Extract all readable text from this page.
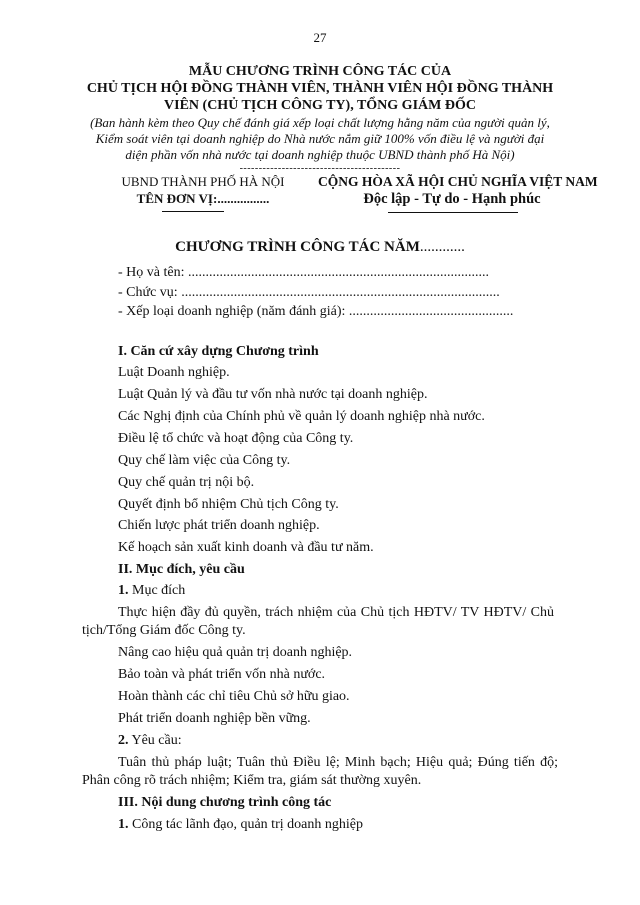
27
MẪU CHƯƠNG TRÌNH CÔNG TÁC CỦA
CHỦ TỊCH HỘI ĐỒNG THÀNH VIÊN, THÀNH VIÊN HỘI ĐỒNG THÀNH
VIÊN (CHỦ TỊCH CÔNG TY), TỔNG GIÁM ĐỐC
(Ban hành kèm theo Quy chế đánh giá xếp loại chất lượng hằng năm của người quản lý,
Kiểm soát viên tại doanh nghiệp do Nhà nước nắm giữ 100% vốn điều lệ và người đại
diện phần vốn nhà nước tại doanh nghiệp thuộc UBND thành phố Hà Nội)
------------------------------------------
UBND THÀNH PHỐ HÀ NỘI
TÊN ĐƠN VỊ:................
CỘNG HÒA XÃ HỘI CHỦ NGHĨA VIỆT NAM
Độc lập - Tự do - Hạnh phúc
CHƯƠNG TRÌNH CÔNG TÁC NĂM............
- Họ và tên: ......................................................................................
- Chức vụ: ...........................................................................................
- Xếp loại doanh nghiệp (năm đánh giá): ...............................................
I. Căn cứ xây dựng Chương trình
Luật Doanh nghiệp.
Luật Quản lý và đầu tư vốn nhà nước tại doanh nghiệp.
Các Nghị định của Chính phủ về quản lý doanh nghiệp nhà nước.
Điều lệ tổ chức và hoạt động của Công ty.
Quy chế làm việc của Công ty.
Quy chế quản trị nội bộ.
Quyết định bổ nhiệm Chủ tịch Công ty.
Chiến lược phát triển doanh nghiệp.
Kế hoạch sản xuất kinh doanh và đầu tư năm.
II. Mục đích, yêu cầu
1. Mục đích
Thực hiện đầy đủ quyền, trách nhiệm của Chủ tịch HĐTV/ TV HĐTV/ Chủ
tịch/Tổng Giám đốc Công ty.
Nâng cao hiệu quả quản trị doanh nghiệp.
Bảo toàn và phát triển vốn nhà nước.
Hoàn thành các chỉ tiêu Chủ sở hữu giao.
Phát triển doanh nghiệp bền vững.
2. Yêu cầu:
Tuân thủ pháp luật; Tuân thủ Điều lệ; Minh bạch; Hiệu quả; Đúng tiến độ;
Phân công rõ trách nhiệm; Kiểm tra, giám sát thường xuyên.
III. Nội dung chương trình công tác
1. Công tác lãnh đạo, quản trị doanh nghiệp
